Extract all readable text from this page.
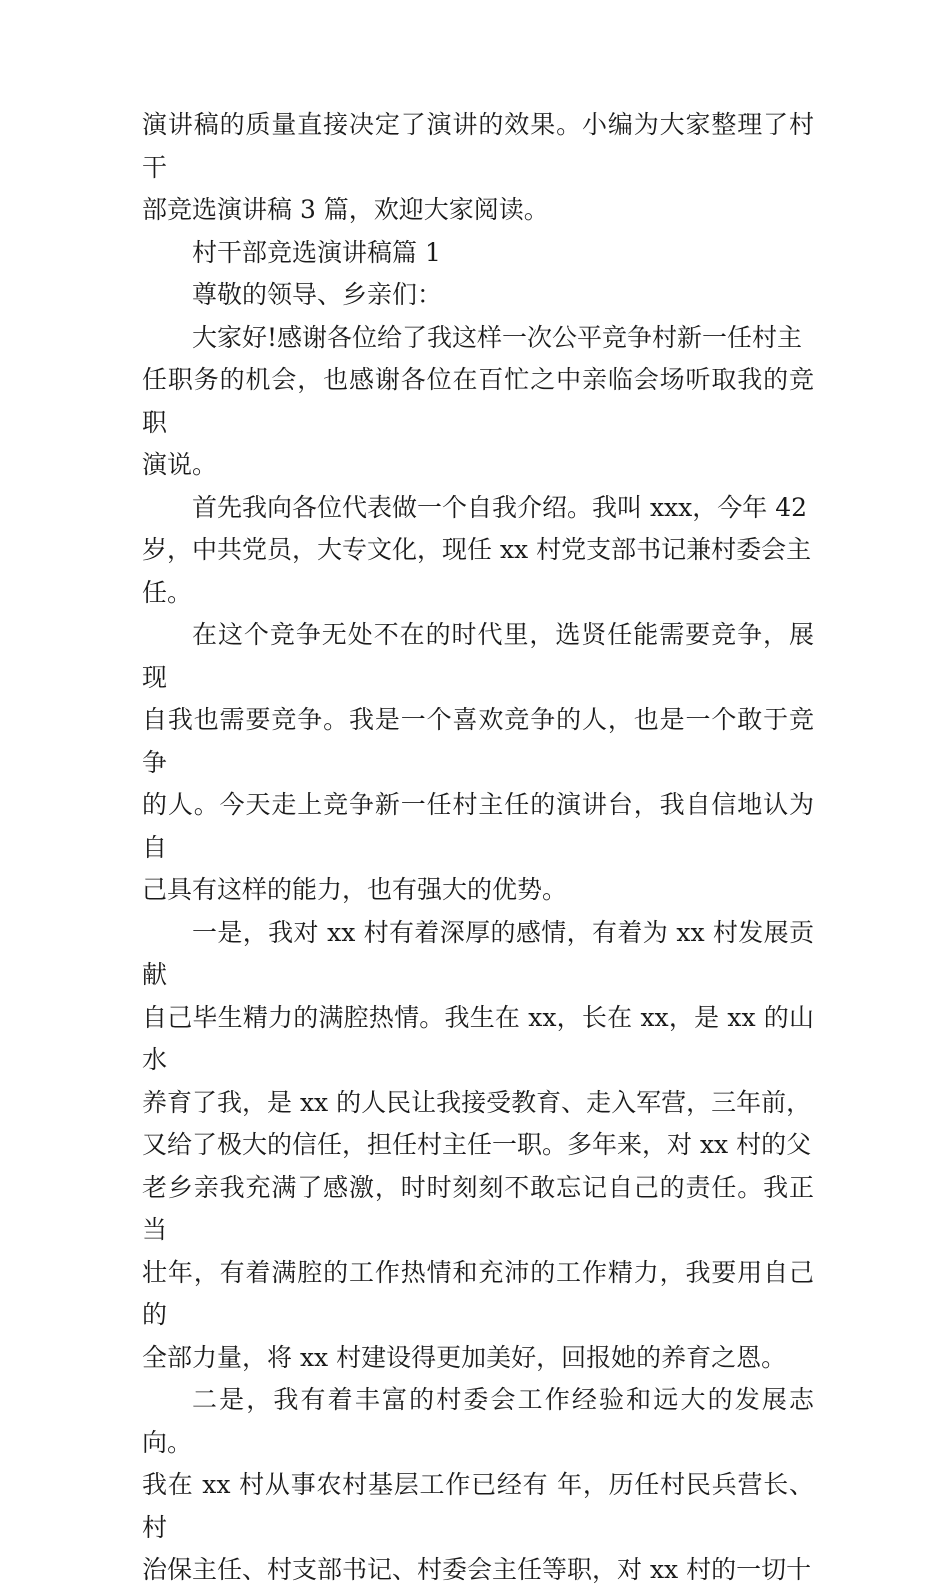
演讲稿的质量直接决定了演讲的效果。小编为大家整理了村干
部竞选演讲稿 3 篇，欢迎大家阅读。

村干部竞选演讲稿篇 1

尊敬的领导、乡亲们：

大家好!感谢各位给了我这样一次公平竞争村新一任村主
任职务的机会，也感谢各位在百忙之中亲临会场听取我的竞职
演说。

首先我向各位代表做一个自我介绍。我叫 xxx，今年 42
岁，中共党员，大专文化，现任 xx 村党支部书记兼村委会主
任。

在这个竞争无处不在的时代里，选贤任能需要竞争，展现
自我也需要竞争。我是一个喜欢竞争的人，也是一个敢于竞争
的人。今天走上竞争新一任村主任的演讲台，我自信地认为自
己具有这样的能力，也有强大的优势。

一是，我对 xx 村有着深厚的感情，有着为 xx 村发展贡献
自己毕生精力的满腔热情。我生在 xx，长在 xx，是 xx 的山水
养育了我，是 xx 的人民让我接受教育、走入军营，三年前，
又给了极大的信任，担任村主任一职。多年来，对 xx 村的父
老乡亲我充满了感激，时时刻刻不敢忘记自己的责任。我正当
壮年，有着满腔的工作热情和充沛的工作精力，我要用自己的
全部力量，将 xx 村建设得更加美好，回报她的养育之恩。

二是，我有着丰富的村委会工作经验和远大的发展志向。
我在 xx 村从事农村基层工作已经有 年，历任村民兵营长、村
治保主任、村支部书记、村委会主任等职，对 xx 村的一切十
